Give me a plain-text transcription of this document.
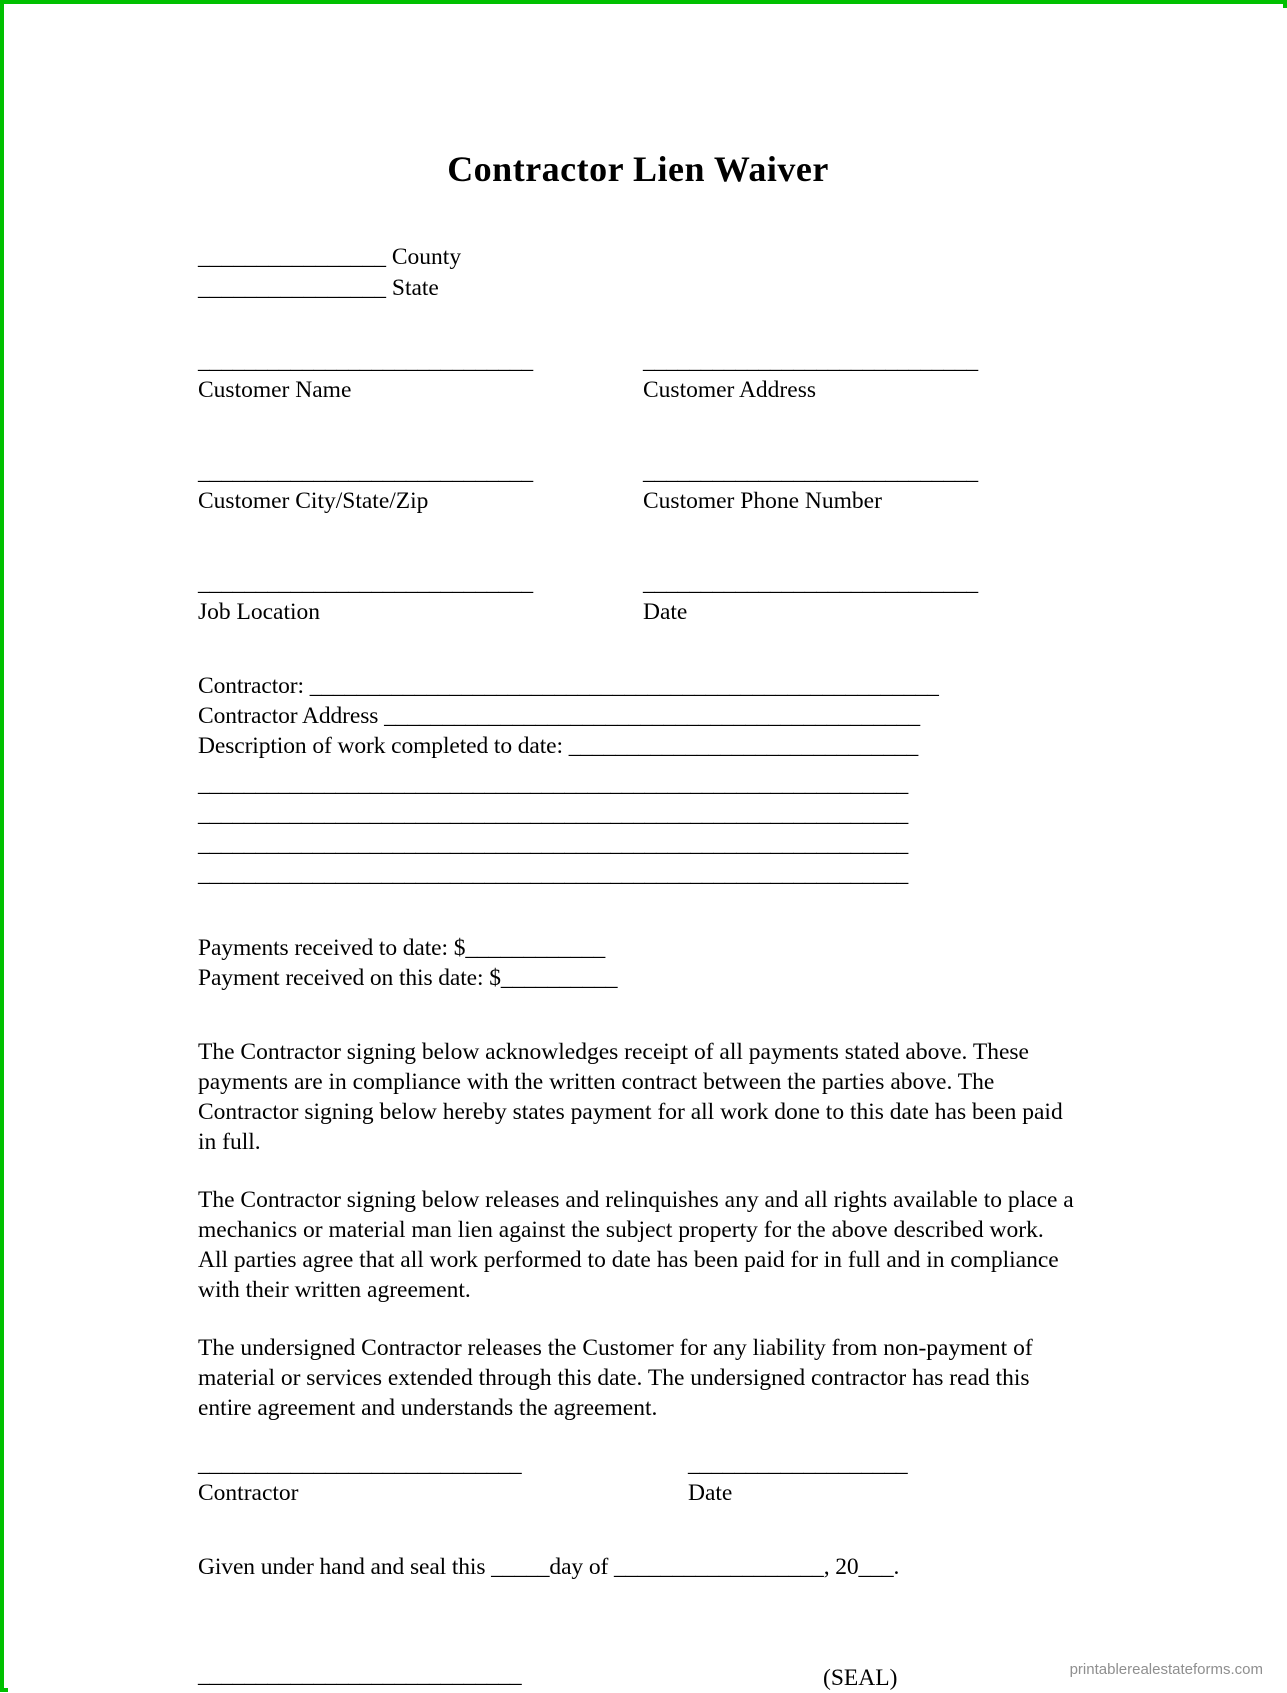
Contractor Lien Waiver
________________ County
________________ State
_____________________________
Customer Name
_____________________________
Customer Address
_____________________________
Customer City/State/Zip
_____________________________
Customer Phone Number
_____________________________
Job Location
_____________________________
Date
Contractor: ______________________________________________________
Contractor Address ______________________________________________
Description of work completed to date: ______________________________
______________________________________________________________
______________________________________________________________
______________________________________________________________
______________________________________________________________
Payments received to date: $____________
Payment received on this date: $__________

The Contractor signing below acknowledges receipt of all payments stated above. These payments are in compliance with the written contract between the parties above. The Contractor signing below hereby states payment for all work done to this date has been paid in full.

The Contractor signing below releases and relinquishes any and all rights available to place a mechanics or material man lien against the subject property for the above described work. All parties agree that all work performed to date has been paid for in full and in compliance with their written agreement.

The undersigned Contractor releases the Customer for any liability from non-payment of material or services extended through this date. The undersigned contractor has read this entire agreement and understands the agreement.

____________________________
Contractor
___________________
Date
Given under hand and seal this _____day of __________________, 20___.
____________________________	(SEAL)	printablerealestateforms.com
